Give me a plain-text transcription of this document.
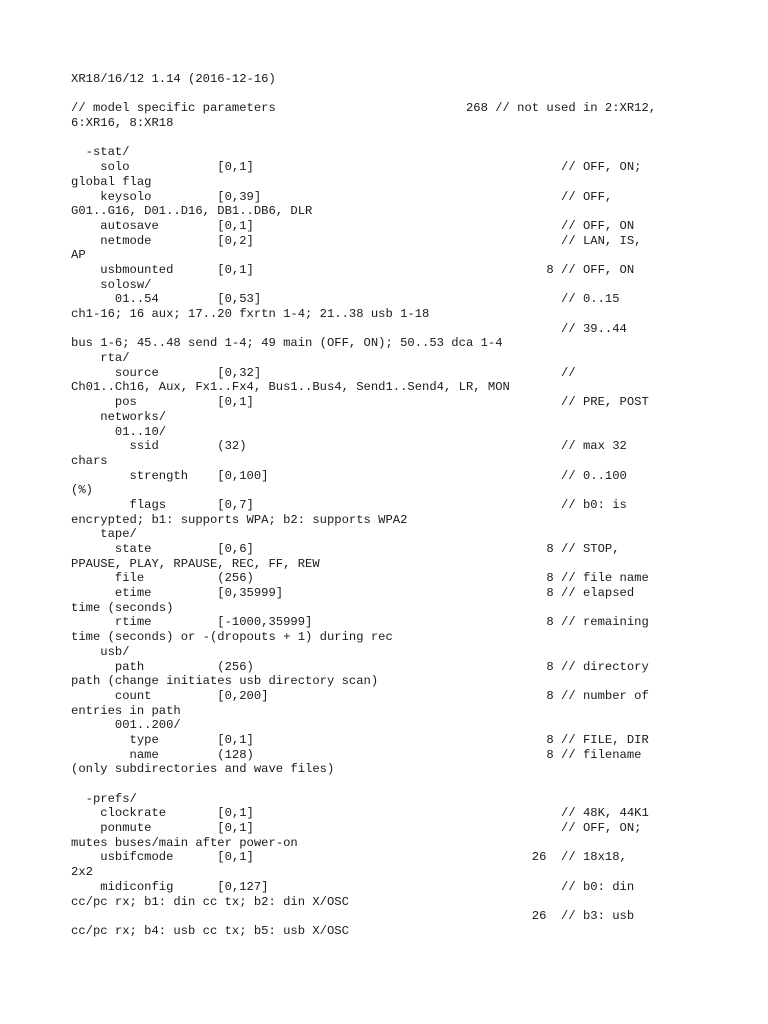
XR18/16/12 1.14 (2016-12-16)
// model specific parameters                          268 // not used in 2:XR12,
6:XR16, 8:XR18
-stat/
solo            [0,1]                                          // OFF, ON;
global flag
keysolo         [0,39]                                         // OFF,
G01..G16, D01..D16, DB1..DB6, DLR
autosave        [0,1]                                          // OFF, ON
netmode         [0,2]                                          // LAN, IS,
AP
usbmounted      [0,1]                                        8 // OFF, ON
solosw/
01..54        [0,53]                                         // 0..15
ch1-16; 16 aux; 17..20 fxrtn 1-4; 21..38 usb 1-18
// 39..44
bus 1-6; 45..48 send 1-4; 49 main (OFF, ON); 50..53 dca 1-4
rta/
source        [0,32]                                         //
Ch01..Ch16, Aux, Fx1..Fx4, Bus1..Bus4, Send1..Send4, LR, MON
pos           [0,1]                                          // PRE, POST
networks/
01..10/
ssid        (32)                                           // max 32
chars
strength    [0,100]                                        // 0..100
(%)
flags       [0,7]                                          // b0: is
encrypted; b1: supports WPA; b2: supports WPA2
tape/
state         [0,6]                                        8 // STOP,
PPAUSE, PLAY, RPAUSE, REC, FF, REW
file          (256)                                        8 // file name
etime         [0,35999]                                    8 // elapsed
time (seconds)
rtime         [-1000,35999]                                8 // remaining
time (seconds) or -(dropouts + 1) during rec
usb/
path          (256)                                        8 // directory
path (change initiates usb directory scan)
count         [0,200]                                      8 // number of
entries in path
001..200/
type        [0,1]                                        8 // FILE, DIR
name        (128)                                        8 // filename
(only subdirectories and wave files)
-prefs/
clockrate       [0,1]                                          // 48K, 44K1
ponmute         [0,1]                                          // OFF, ON;
mutes buses/main after power-on
usbifcmode      [0,1]                                      26  // 18x18,
2x2
midiconfig      [0,127]                                        // b0: din
cc/pc rx; b1: din cc tx; b2: din X/OSC
26  // b3: usb
cc/pc rx; b4: usb cc tx; b5: usb X/OSC
